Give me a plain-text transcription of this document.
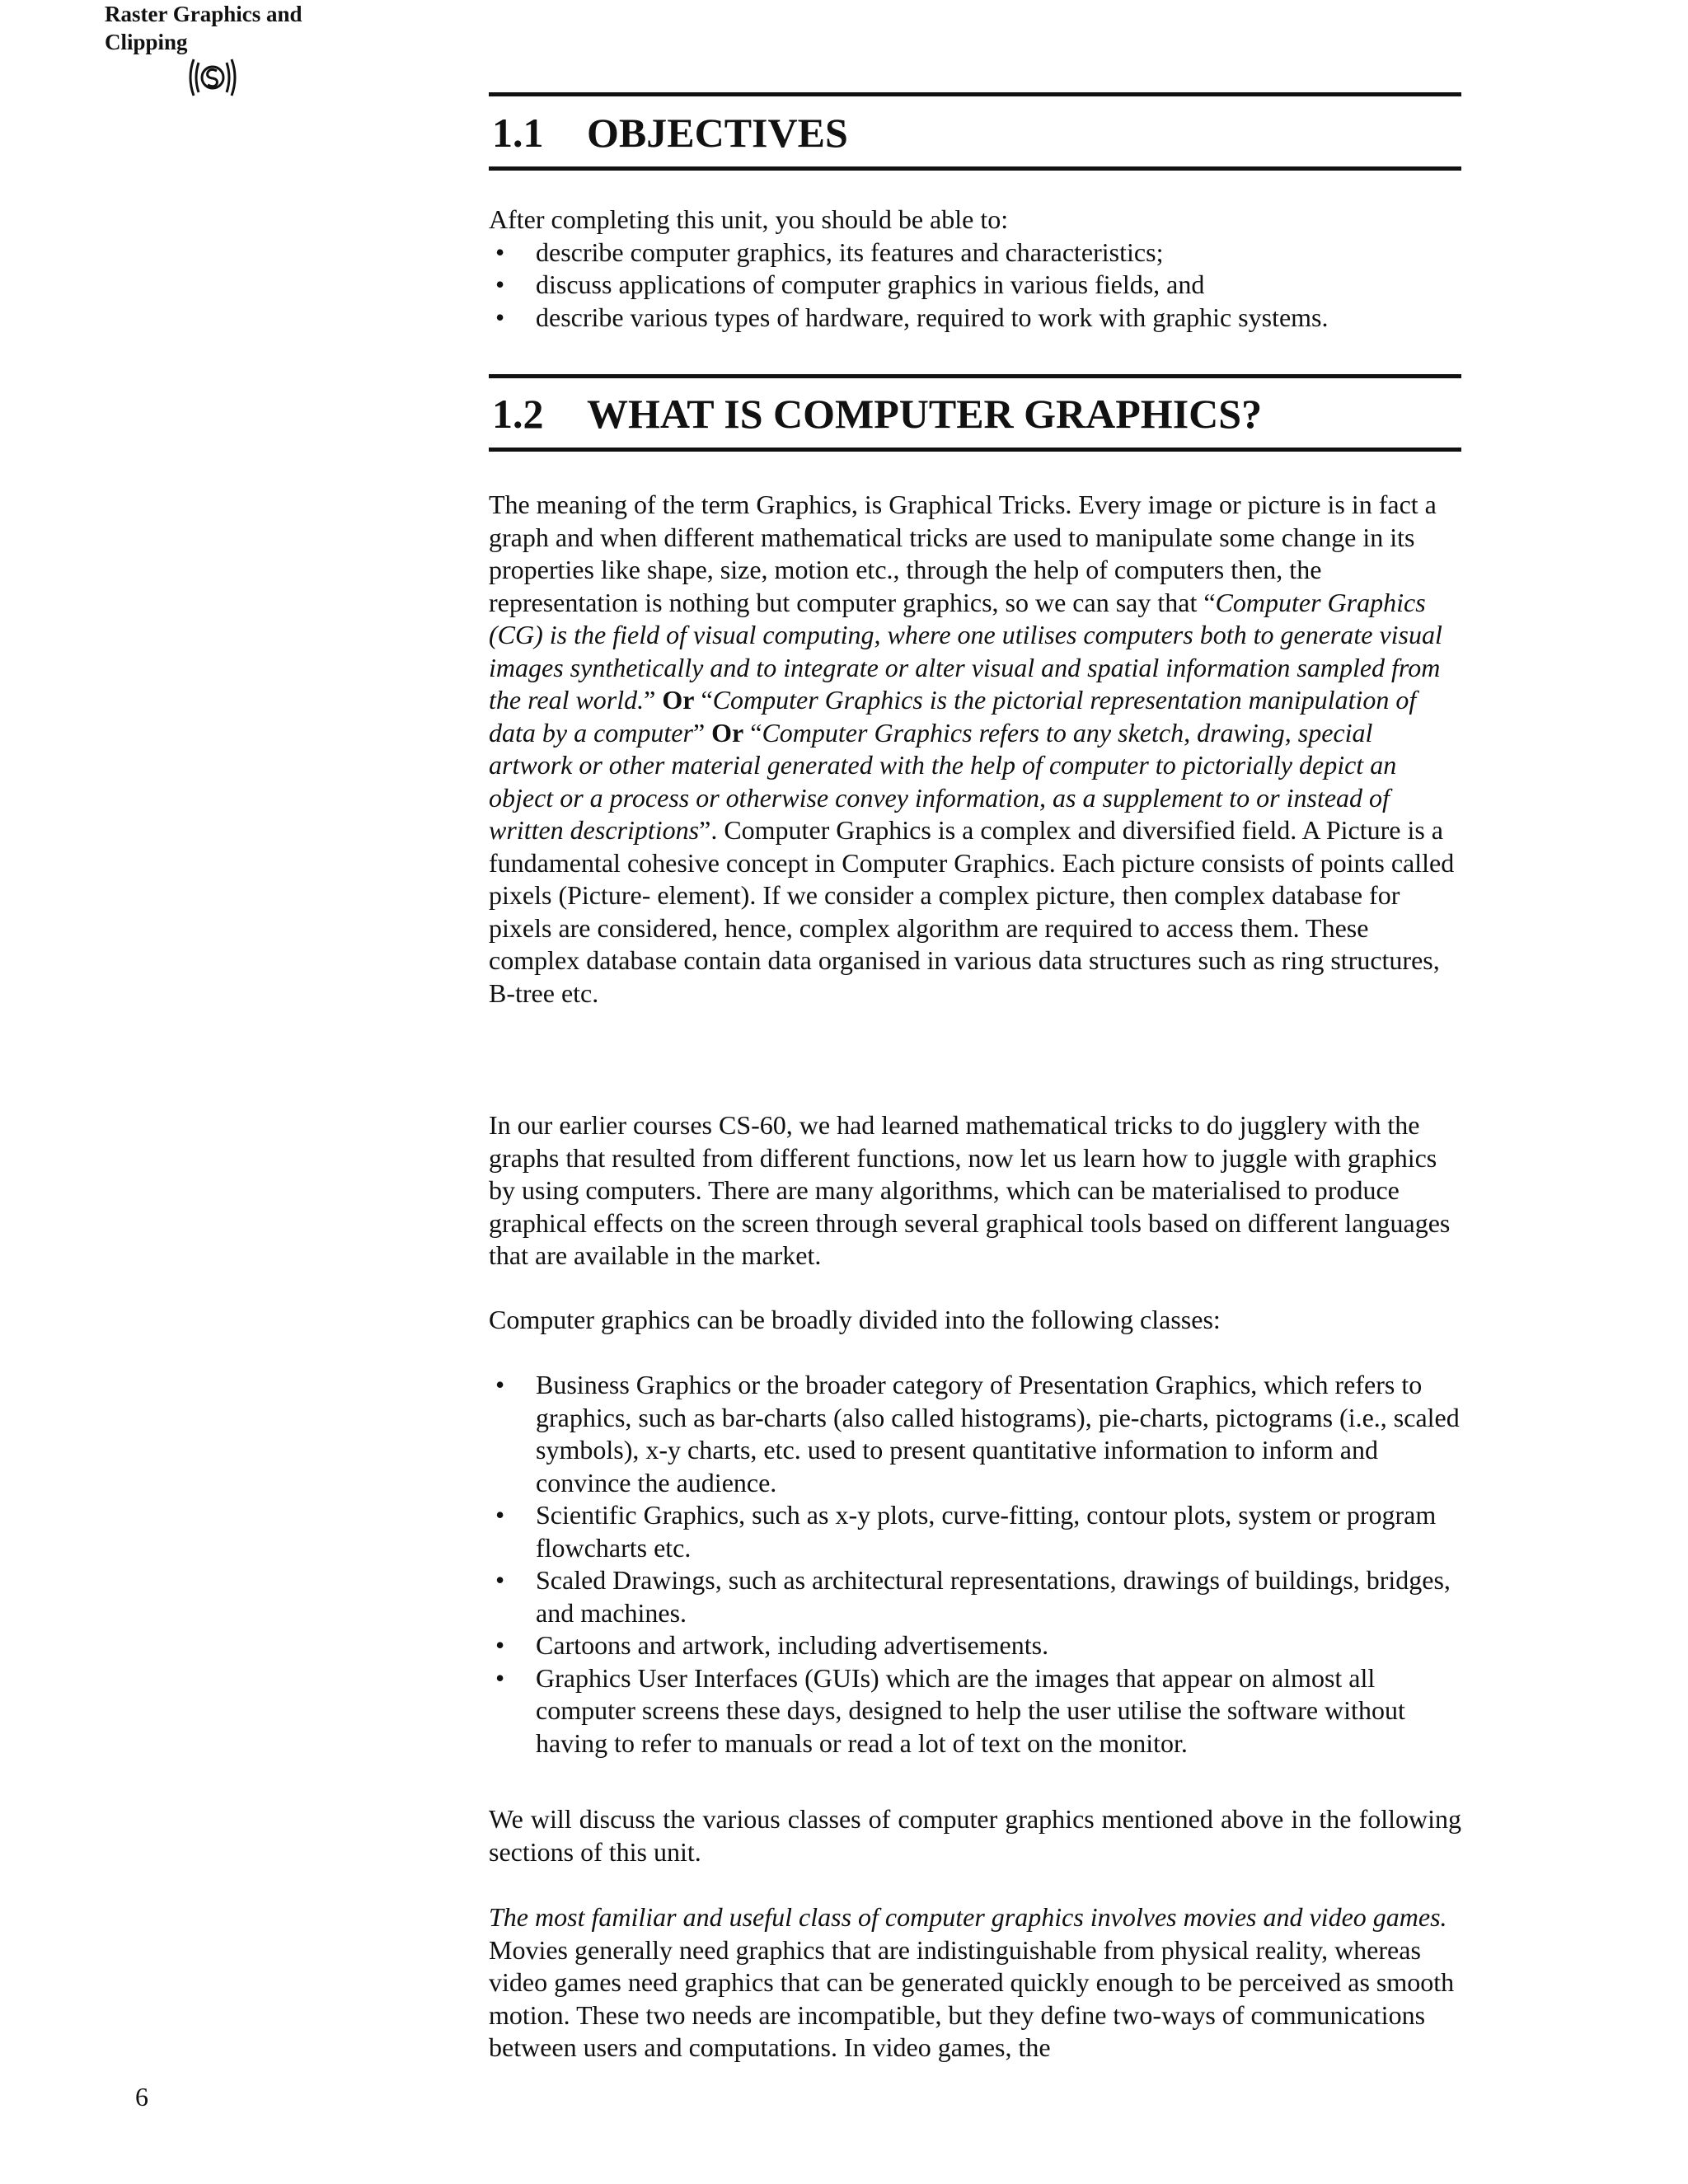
Raster Graphics and
Clipping
1.1 OBJECTIVES

After completing this unit, you should be able to:

• describe computer graphics, its features and characteristics;
• discuss applications of computer graphics in various fields, and
• describe various types of hardware, required to work with graphic systems.
1.2 WHAT IS COMPUTER GRAPHICS?

The meaning of the term Graphics, is Graphical Tricks. Every image or picture is in fact a graph and when different mathematical tricks are used to manipulate some change in its properties like shape, size, motion etc., through the help of computers then, the representation is nothing but computer graphics, so we can say that “Computer Graphics (CG) is the field of visual computing, where one utilises computers both to generate visual images synthetically and to integrate or alter visual and spatial information sampled from the real world.” Or “Computer Graphics is the pictorial representation manipulation of data by a computer” Or “Computer Graphics refers to any sketch, drawing, special artwork or other material generated with the help of computer to pictorially depict an object or a process or otherwise convey information, as a supplement to or instead of written descriptions”. Computer Graphics is a complex and diversified field. A Picture is a fundamental cohesive concept in Computer Graphics. Each picture consists of points called pixels (Picture- element). If we consider a complex picture, then complex database for pixels are considered, hence, complex algorithm are required to access them. These complex database contain data organised in various data structures such as ring structures,

B-tree etc.

In our earlier courses CS-60, we had learned mathematical tricks to do jugglery with the graphs that resulted from different functions, now let us learn how to juggle with graphics by using computers. There are many algorithms, which can be materialised to produce graphical effects on the screen through several graphical tools based on different languages that are available in the market.

Computer graphics can be broadly divided into the following classes:

• Business Graphics or the broader category of Presentation Graphics, which refers to graphics, such as bar-charts (also called histograms), pie-charts, pictograms (i.e., scaled symbols), x-y charts, etc. used to present quantitative information to inform and convince the audience.
• Scientific Graphics, such as x-y plots, curve-fitting, contour plots, system or program flowcharts etc.
• Scaled Drawings, such as architectural representations, drawings of buildings, bridges, and machines.
• Cartoons and artwork, including advertisements.
• Graphics User Interfaces (GUIs) which are the images that appear on almost all computer screens these days, designed to help the user utilise the software without having to refer to manuals or read a lot of text on the monitor.

We will discuss the various classes of computer graphics mentioned above in the following sections of this unit.

The most familiar and useful class of computer graphics involves movies and video games. Movies generally need graphics that are indistinguishable from physical reality, whereas video games need graphics that can be generated quickly enough to be perceived as smooth motion. These two needs are incompatible, but they define two-ways of communications between users and computations. In video games, the

6
